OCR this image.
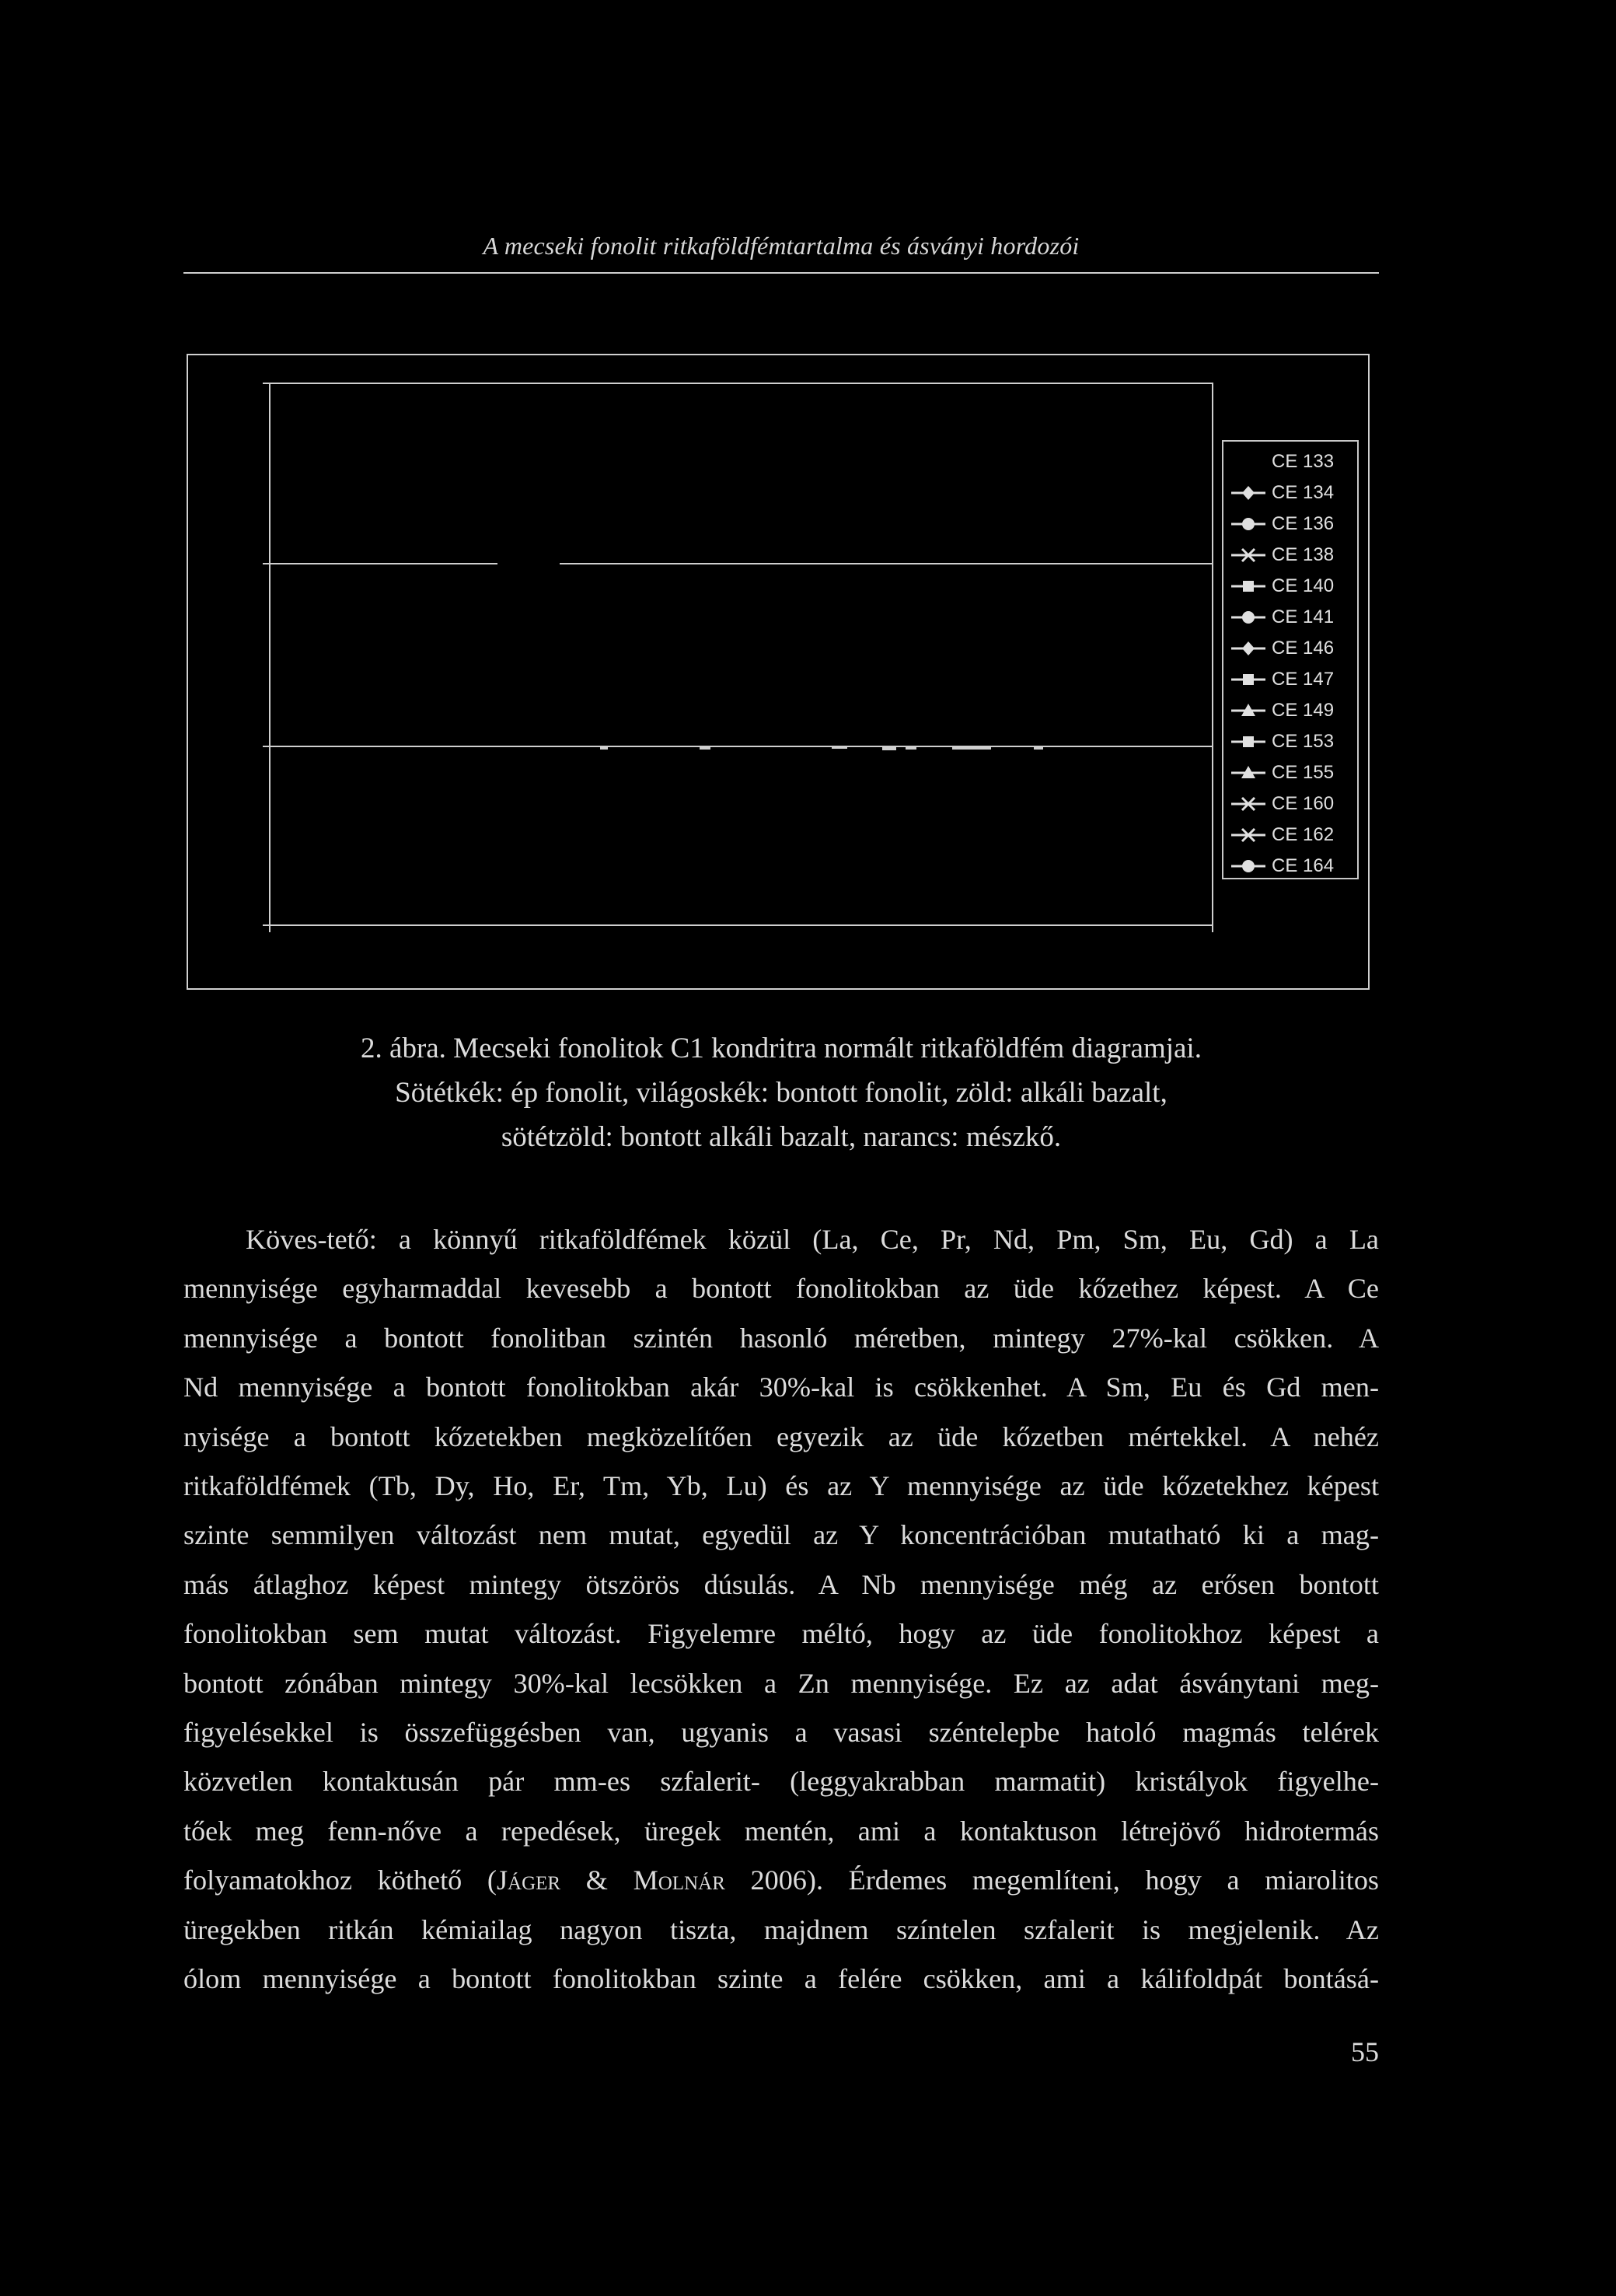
A mecseki fonolit ritkaföldfémtartalma és ásványi hordozói
CE 133
CE 134
CE 136
CE 138
CE 140
CE 141
CE 146
CE 147
CE 149
CE 153
CE 155
CE 160
CE 162
CE 164
2. ábra. Mecseki fonolitok C1 kondritra normált ritkaföldfém diagramjai.
Sötétkék: ép fonolit, világoskék: bontott fonolit, zöld: alkáli bazalt,
sötétzöld: bontott alkáli bazalt, narancs: mészkő.
Köves-tető: a könnyű ritkaföldfémek közül (La, Ce, Pr, Nd, Pm, Sm, Eu, Gd) a La
mennyisége egyharmaddal kevesebb a bontott fonolitokban az üde kőzethez képest. A Ce
mennyisége a bontott fonolitban szintén hasonló méretben, mintegy 27%-kal csökken. A
Nd mennyisége a bontott fonolitokban akár 30%-kal is csökkenhet. A Sm, Eu és Gd men-
nyisége a bontott kőzetekben megközelítően egyezik az üde kőzetben mértekkel. A nehéz
ritkaföldfémek (Tb, Dy, Ho, Er, Tm, Yb, Lu) és az Y mennyisége az üde kőzetekhez képest
szinte semmilyen változást nem mutat, egyedül az Y koncentrációban mutatható ki a mag-
más átlaghoz képest mintegy ötszörös dúsulás. A Nb mennyisége még az erősen bontott
fonolitokban sem mutat változást. Figyelemre méltó, hogy az üde fonolitokhoz képest a
bontott zónában mintegy 30%-kal lecsökken a Zn mennyisége. Ez az adat ásványtani meg-
figyelésekkel is összefüggésben van, ugyanis a vasasi széntelepbe hatoló magmás telérek
közvetlen kontaktusán pár mm-es szfalerit- (leggyakrabban marmatit) kristályok figyelhe-
tőek meg fenn-nőve a repedések, üregek mentén, ami a kontaktuson létrejövő hidrotermás
folyamatokhoz köthető (Jáger & Molnár 2006). Érdemes megemlíteni, hogy a miarolitos
üregekben ritkán kémiailag nagyon tiszta, majdnem színtelen szfalerit is megjelenik. Az
ólom mennyisége a bontott fonolitokban szinte a felére csökken, ami a kálifoldpát bontásá-
55
